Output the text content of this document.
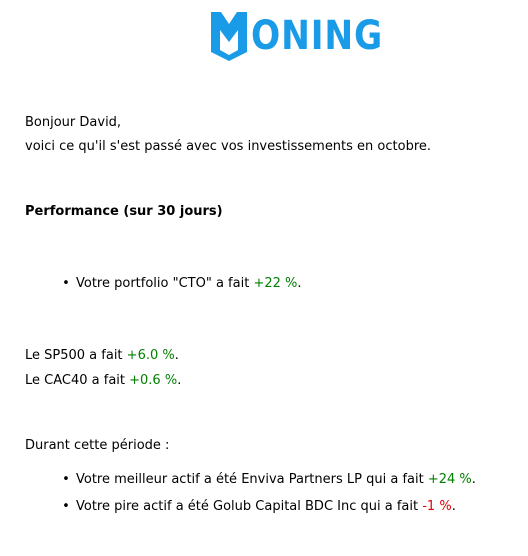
ONING
Bonjour David,
voici ce qu'il s'est passé avec vos investissements en octobre.
Performance (sur 30 jours)
• Votre portfolio "CTO" a fait +22 %.
Le SP500 a fait +6.0 %.
Le CAC40 a fait +0.6 %.
Durant cette période :
• Votre meilleur actif a été Enviva Partners LP qui a fait +24 %.
• Votre pire actif a été Golub Capital BDC Inc qui a fait -1 %.
